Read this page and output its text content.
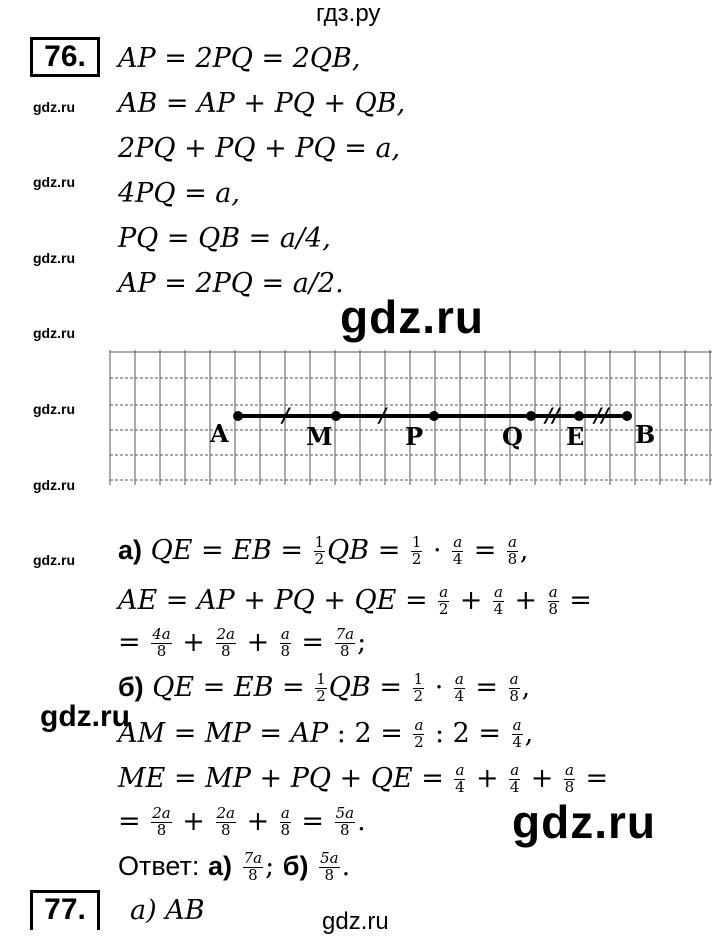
гдз.ру
gdz.ru
gdz.ru
gdz.ru
gdz.ru
gdz.ru
gdz.ru
gdz.ru
gdz.ru
gdz.ru
gdz.ru
gdz.ru
76.	AP = 2PQ = 2QB,
AB = AP + PQ + QB,
2PQ + PQ + PQ = a,
4PQ = a,
PQ = QB = a/4,
AP = 2PQ = a/2.
A	M	P	Q E B
/	/	// //
а) QE = EB = $\frac{1}{2}$ QB = $\frac{1}{2} \cdot \frac{a}{4} = \frac{a}{8}$ ,
AE = AP + PQ + QE = $\frac{a}{2} + \frac{a}{4} + \frac{a}{8}$ =
= $\frac{4a}{8} + \frac{2a}{8} + \frac{a}{8} = \frac{7a}{8}$ ;
б) QE = EB = $\frac{1}{2}$ QB = $\frac{1}{2} \cdot \frac{a}{4} = \frac{a}{8}$ ,
AM = MP = AP : $2 = \frac{a}{2}$ : $2 = \frac{a}{4}$ ,
ME = MP + PQ + QE = $\frac{a}{4} + \frac{a}{4} + \frac{a}{8}$ =
= $\frac{2a}{8} + \frac{2a}{8} + \frac{a}{8} = \frac{5a}{8}$ .
Ответ: $а) \frac{7a}{8}$ ; $б) \frac{5a}{8}$ .
77.	а) AB
